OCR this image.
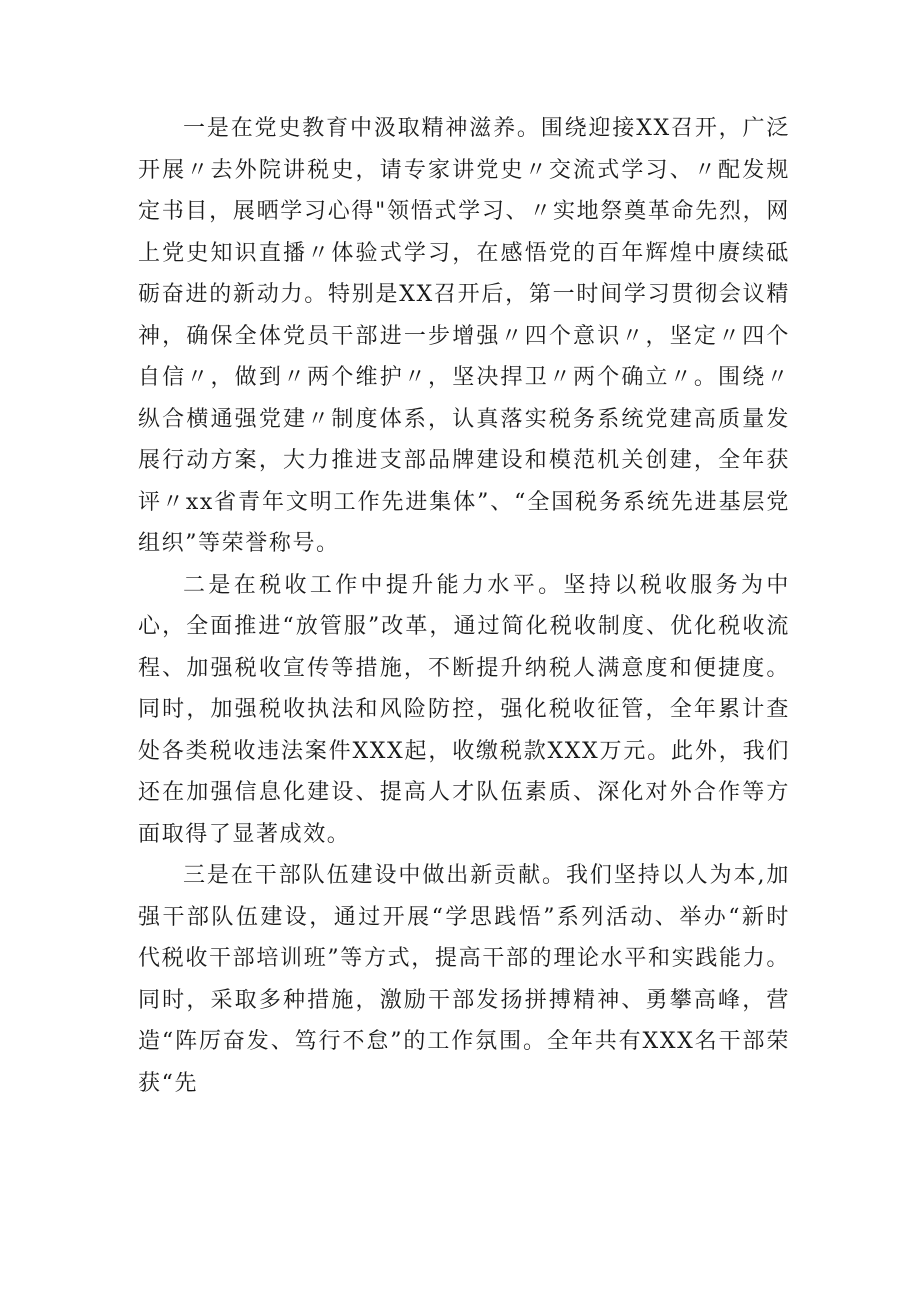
一是在党史教育中汲取精神滋养。围绕迎接XX召开，广泛开展〃去外院讲税史，请专家讲党史〃交流式学习、〃配发规定书目，展晒学习心得"领悟式学习、〃实地祭奠革命先烈，网上党史知识直播〃体验式学习，在感悟党的百年辉煌中赓续砥砺奋进的新动力。特别是XX召开后，第一时间学习贯彻会议精神，确保全体党员干部进一步增强〃四个意识〃，坚定〃四个自信〃，做到〃两个维护〃，坚决捍卫〃两个确立〃。围绕〃纵合横通强党建〃制度体系，认真落实税务系统党建高质量发展行动方案，大力推进支部品牌建设和模范机关创建，全年获评〃xx省青年文明工作先进集体”、“全国税务系统先进基层党组织”等荣誉称号。

二是在税收工作中提升能力水平。坚持以税收服务为中心，全面推进“放管服”改革，通过简化税收制度、优化税收流程、加强税收宣传等措施，不断提升纳税人满意度和便捷度。同时，加强税收执法和风险防控，强化税收征管，全年累计查处各类税收违法案件XXX起，收缴税款XXX万元。此外，我们还在加强信息化建设、提高人才队伍素质、深化对外合作等方面取得了显著成效。

三是在干部队伍建设中做出新贡献。我们坚持以人为本,加强干部队伍建设，通过开展“学思践悟”系列活动、举办“新时代税收干部培训班”等方式，提高干部的理论水平和实践能力。同时，采取多种措施，激励干部发扬拼搏精神、勇攀高峰，营造“阵厉奋发、笃行不怠”的工作氛围。全年共有XXX名干部荣获“先
